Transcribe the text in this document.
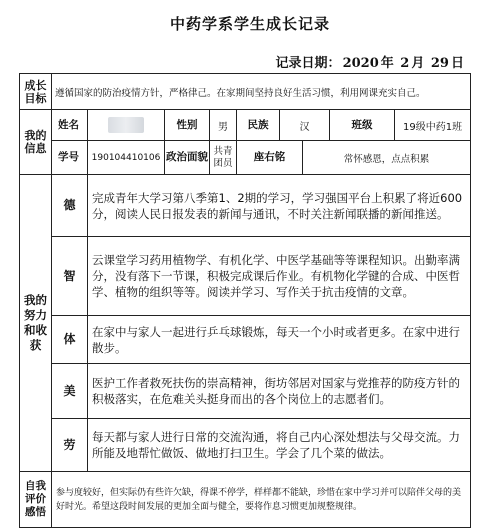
中药学系学生成长记录
记录日期： 2020 年 2 月 29 日
成长目标	遵循国家的防治疫情方针，严格律己。在家期间坚持良好生活习惯，利用网课充实自己。								
我的信息	姓名		性别	男	民族	汉		班级	19级中药1班
	学号	190104410106	政治面貌	共青团员	座右铭		常怀感恩，点点积累		
我的努力和收获	德	完成青年大学习第八季第1、2期的学习，学习强国平台上积累了将近600分，阅读人民日报发表的新闻与通讯，不时关注新闻联播的新闻推送。							
	智	云课堂学习药用植物学、有机化学、中医学基础等等课程知识。出勤率满分，没有落下一节课，积极完成课后作业。有机物化学键的合成、中医哲学、植物的组织等等。阅读并学习、写作关于抗击疫情的文章。							
	体	在家中与家人一起进行乒乓球锻炼，每天一个小时或者更多。在家中进行散步。							
	美	医护工作者救死扶伤的崇高精神，街坊邻居对国家与党推荐的防疫方针的积极落实，在危难关头挺身而出的各个岗位上的志愿者们。							
	劳	每天都与家人进行日常的交流沟通，将自己内心深处想法与父母交流。力所能及地帮忙做饭、做地打扫卫生。学会了几个菜的做法。							
自我评价感悟	参与度较好，但实际仍有些许欠缺，得课不停学，样样都不能缺，珍惜在家中学习并可以陪伴父母的美好时光。希望这段时间发展的更加全面与健全，要将作息习惯更加规整规律。								
